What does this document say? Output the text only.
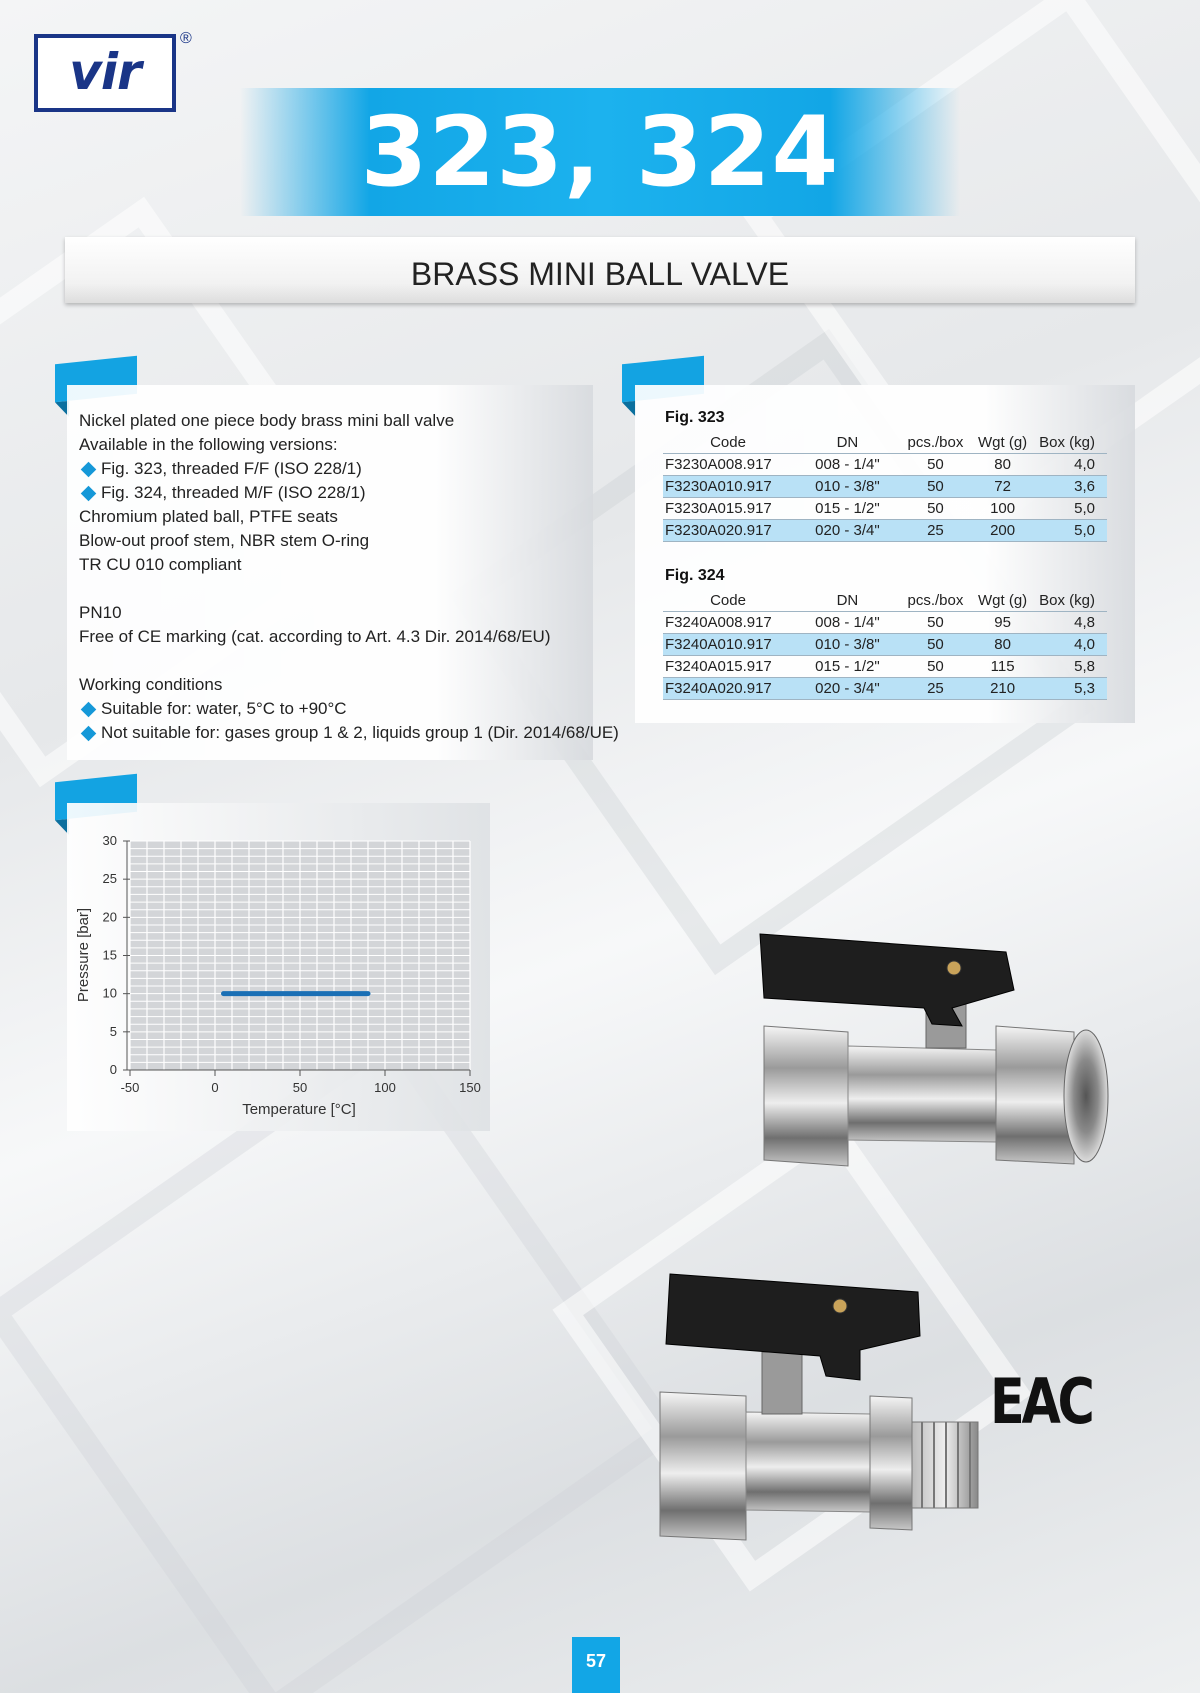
vir
®
323, 324
BRASS MINI BALL VALVE
Nickel plated one piece body brass mini ball valve
Available in the following versions:
Fig. 323, threaded F/F (ISO 228/1)
Fig. 324, threaded M/F (ISO 228/1)
Chromium plated ball, PTFE seats
Blow-out proof stem, NBR stem O-ring
TR CU 010 compliant
PN10
Free of CE marking (cat. according to Art. 4.3 Dir. 2014/68/EU)
Working conditions
Suitable for: water, 5°C to +90°C
Not suitable for: gases group 1 & 2, liquids group 1 (Dir. 2014/68/UE)
Fig. 323
Code	DN	pcs./box	Wgt (g)	Box (kg)
F3230A008.917	008 - 1/4"	50	80	4,0
F3230A010.917	010 - 3/8"	50	72	3,6
F3230A015.917	015 - 1/2"	50	100	5,0
F3230A020.917	020 - 3/4"	25	200	5,0
Fig. 324
Code	DN	pcs./box	Wgt (g)	Box (kg)
F3240A008.917	008 - 1/4"	50	95	4,8
F3240A010.917	010 - 3/8"	50	80	4,0
F3240A015.917	015 - 1/2"	50	115	5,8
F3240A020.917	020 - 3/4"	25	210	5,3
0
5
10
15
20
25
30
-50	0	50	100	150
Temperature [°C]
Pressure [bar]
EAC
57
